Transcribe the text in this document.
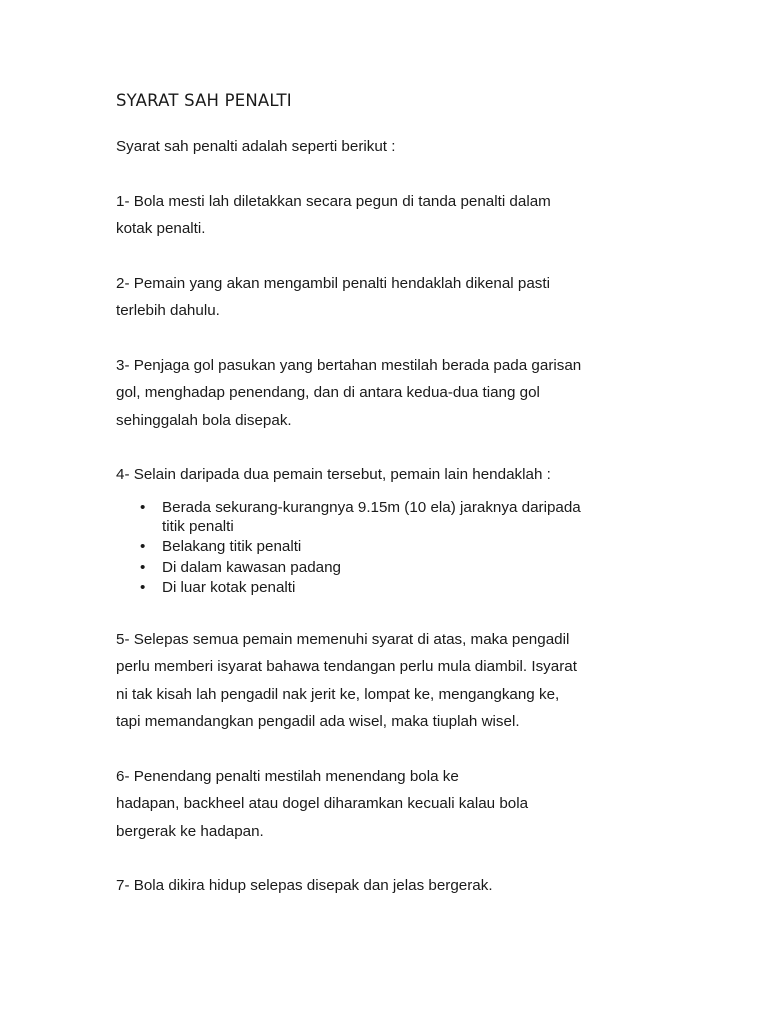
SYARAT SAH PENALTI

Syarat sah penalti adalah seperti berikut :

1- Bola mesti lah diletakkan secara pegun di tanda penalti dalam
kotak penalti.
2- Pemain yang akan mengambil penalti hendaklah dikenal pasti
terlebih dahulu.
3- Penjaga gol pasukan yang bertahan mestilah berada pada garisan
gol, menghadap penendang, dan di antara kedua-dua tiang gol
sehinggalah bola disepak.
4- Selain daripada dua pemain tersebut, pemain lain hendaklah :
• Berada sekurang-kurangnya 9.15m (10 ela) jaraknya daripada
titik penalti
• Belakang titik penalti
• Di dalam kawasan padang
• Di luar kotak penalti
5- Selepas semua pemain memenuhi syarat di atas, maka pengadil
perlu memberi isyarat bahawa tendangan perlu mula diambil. Isyarat
ni tak kisah lah pengadil nak jerit ke, lompat ke, mengangkang ke,
tapi memandangkan pengadil ada wisel, maka tiuplah wisel.
6- Penendang penalti mestilah menendang bola ke
hadapan, backheel atau dogel diharamkan kecuali kalau bola
bergerak ke hadapan.
7- Bola dikira hidup selepas disepak dan jelas bergerak.
